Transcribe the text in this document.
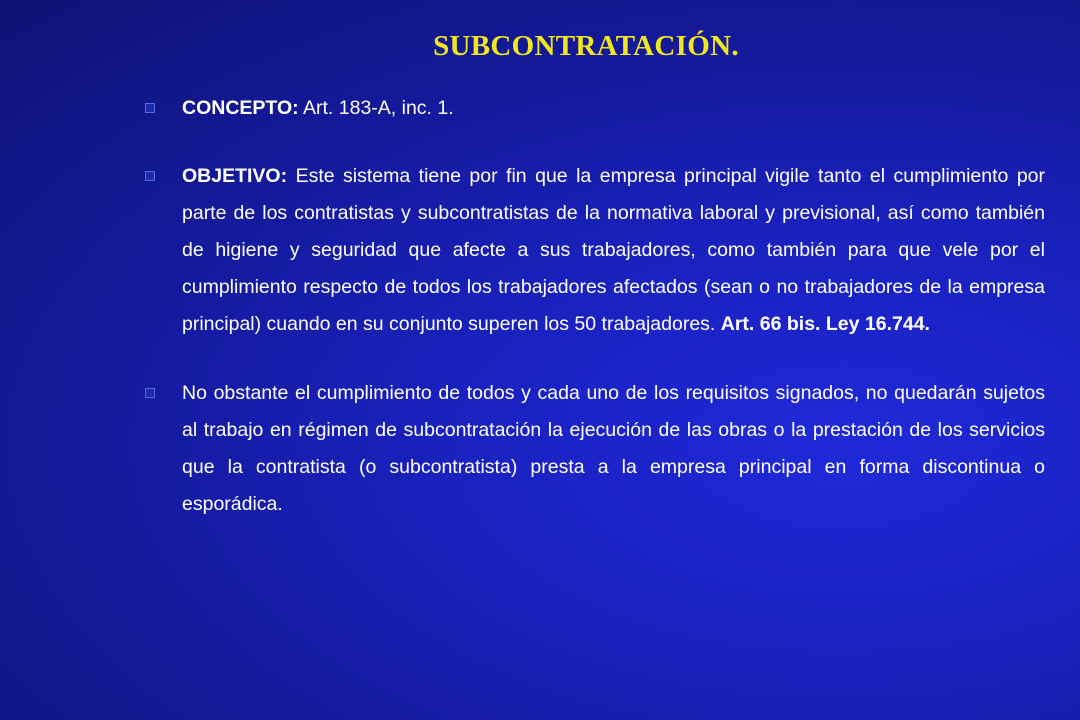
SUBCONTRATACIÓN.
CONCEPTO: Art. 183-A, inc. 1.
OBJETIVO: Este sistema tiene por fin que la empresa principal vigile tanto el cumplimiento por parte de los contratistas y subcontratistas de la normativa laboral y previsional, así como también de higiene y seguridad que afecte a sus trabajadores, como también para que vele por el cumplimiento respecto de todos los trabajadores afectados (sean o no trabajadores de la empresa principal) cuando en su conjunto superen los 50 trabajadores. Art. 66 bis. Ley 16.744.
No obstante el cumplimiento de todos y cada uno de los requisitos signados, no quedarán sujetos al trabajo en régimen de subcontratación la ejecución de las obras o la prestación de los servicios que la contratista (o subcontratista) presta a la empresa principal en forma discontinua o esporádica.
